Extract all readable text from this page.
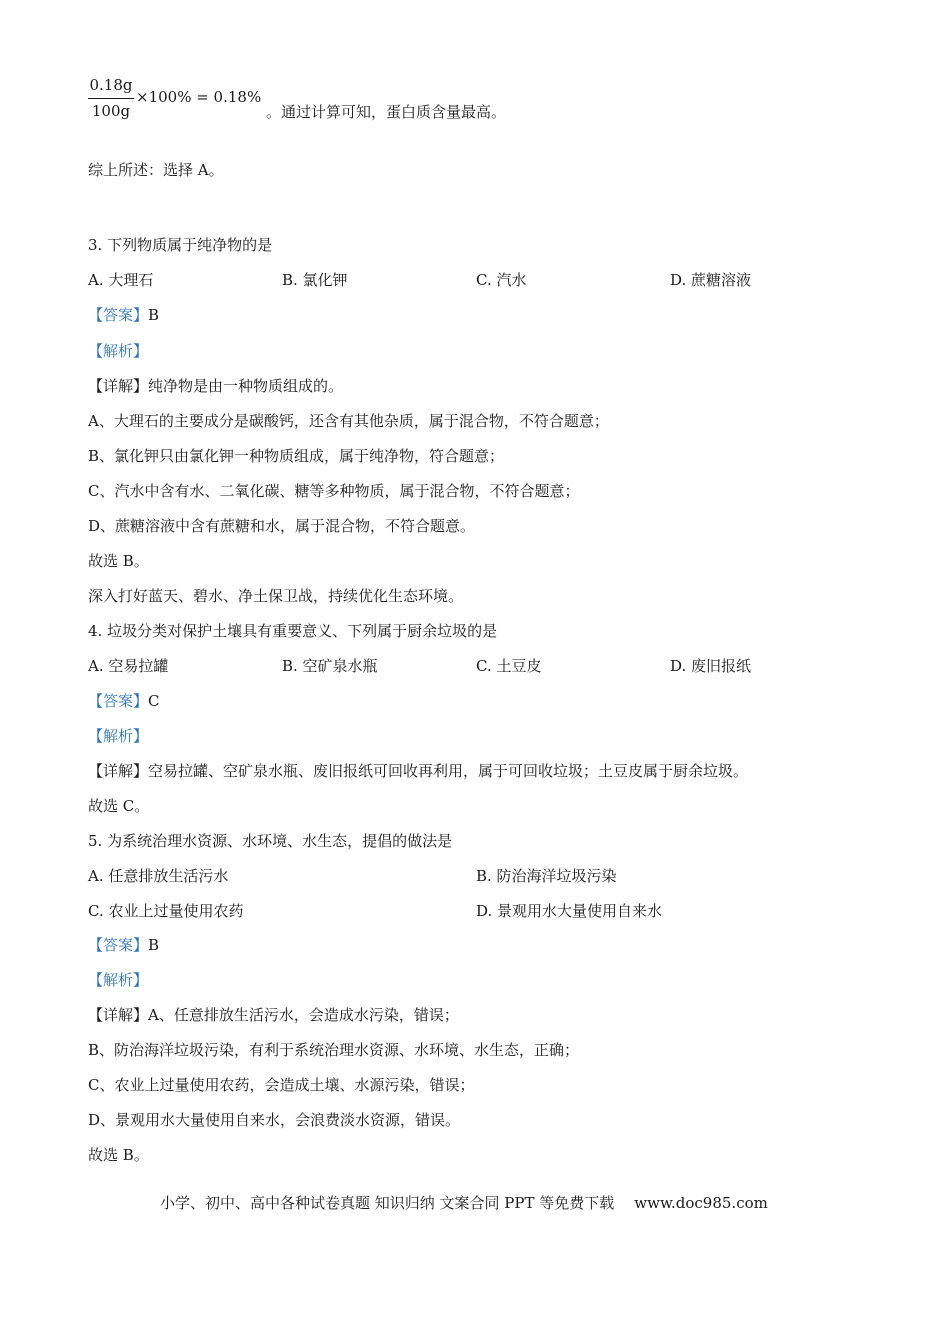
0.18g
100g
×100% = 0.18%
。通过计算可知，蛋白质含量最高。
综上所述：选择 A。
3. 下列物质属于纯净物的是
A. 大理石	B. 氯化钾	C. 汽水	D. 蔗糖溶液
【答案】B
【解析】
【详解】纯净物是由一种物质组成的。
A、大理石的主要成分是碳酸钙，还含有其他杂质，属于混合物，不符合题意；
B、氯化钾只由氯化钾一种物质组成，属于纯净物，符合题意；
C、汽水中含有水、二氧化碳、糖等多种物质，属于混合物，不符合题意；
D、蔗糖溶液中含有蔗糖和水，属于混合物，不符合题意。
故选 B。
深入打好蓝天、碧水、净土保卫战，持续优化生态环境。
4. 垃圾分类对保护土壤具有重要意义、下列属于厨余垃圾的是
A. 空易拉罐	B. 空矿泉水瓶	C. 土豆皮	D. 废旧报纸
【答案】C
【解析】
【详解】空易拉罐、空矿泉水瓶、废旧报纸可回收再利用，属于可回收垃圾；土豆皮属于厨余垃圾。
故选 C。
5. 为系统治理水资源、水环境、水生态，提倡的做法是
A. 任意排放生活污水	B. 防治海洋垃圾污染
C. 农业上过量使用农药	D. 景观用水大量使用自来水
【答案】B
【解析】
【详解】A、任意排放生活污水，会造成水污染，错误；
B、防治海洋垃圾污染，有利于系统治理水资源、水环境、水生态，正确；
C、农业上过量使用农药，会造成土壤、水源污染，错误；
D、景观用水大量使用自来水，会浪费淡水资源，错误。
故选 B。
小学、初中、高中各种试卷真题 知识归纳 文案合同 PPT 等免费下载 www.doc985.com
